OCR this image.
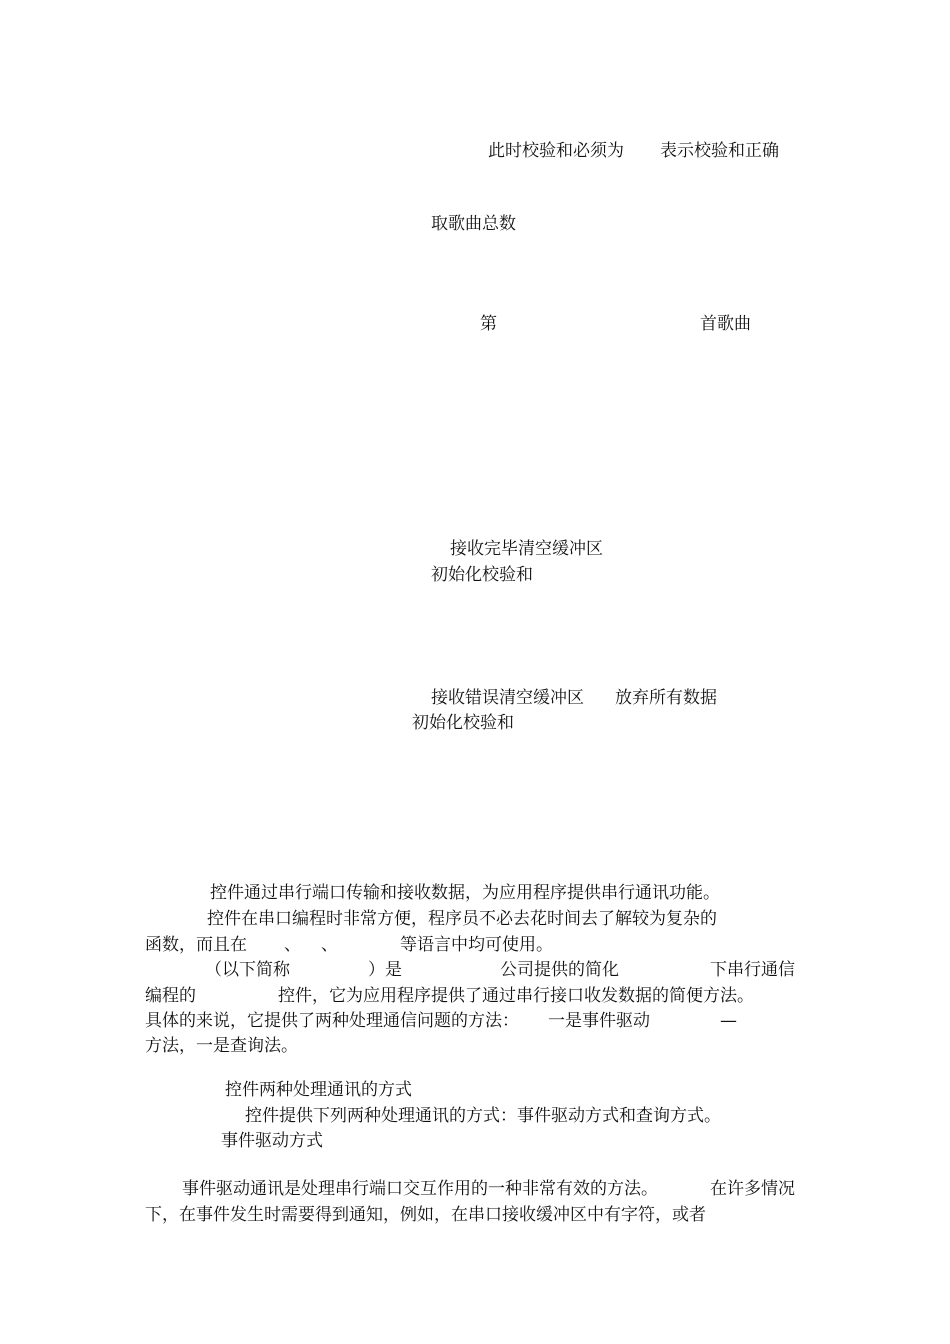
此时校验和必须为 表示校验和正确
取歌曲总数
第	首歌曲
接收完毕清空缓冲区
初始化校验和
接收错误清空缓冲区 放弃所有数据
初始化校验和
控件通过串行端口传输和接收数据，为应用程序提供串行通讯功能。
控件在串口编程时非常方便，程序员不必去花时间去了解较为复杂的
函数，而且在 、 、	等语言中均可使用。
（以下简称	）是	公司提供的简化	下串行通信
编程的	控件，它为应用程序提供了通过串行接口收发数据的简便方法。
具体的来说，它提供了两种处理通信问题的方法： 一是事件驱动	—
方法，一是查询法。
控件两种处理通讯的方式
控件提供下列两种处理通讯的方式：事件驱动方式和查询方式。
事件驱动方式
事件驱动通讯是处理串行端口交互作用的一种非常有效的方法。	在许多情况
下，在事件发生时需要得到通知，例如，在串口接收缓冲区中有字符，或者
